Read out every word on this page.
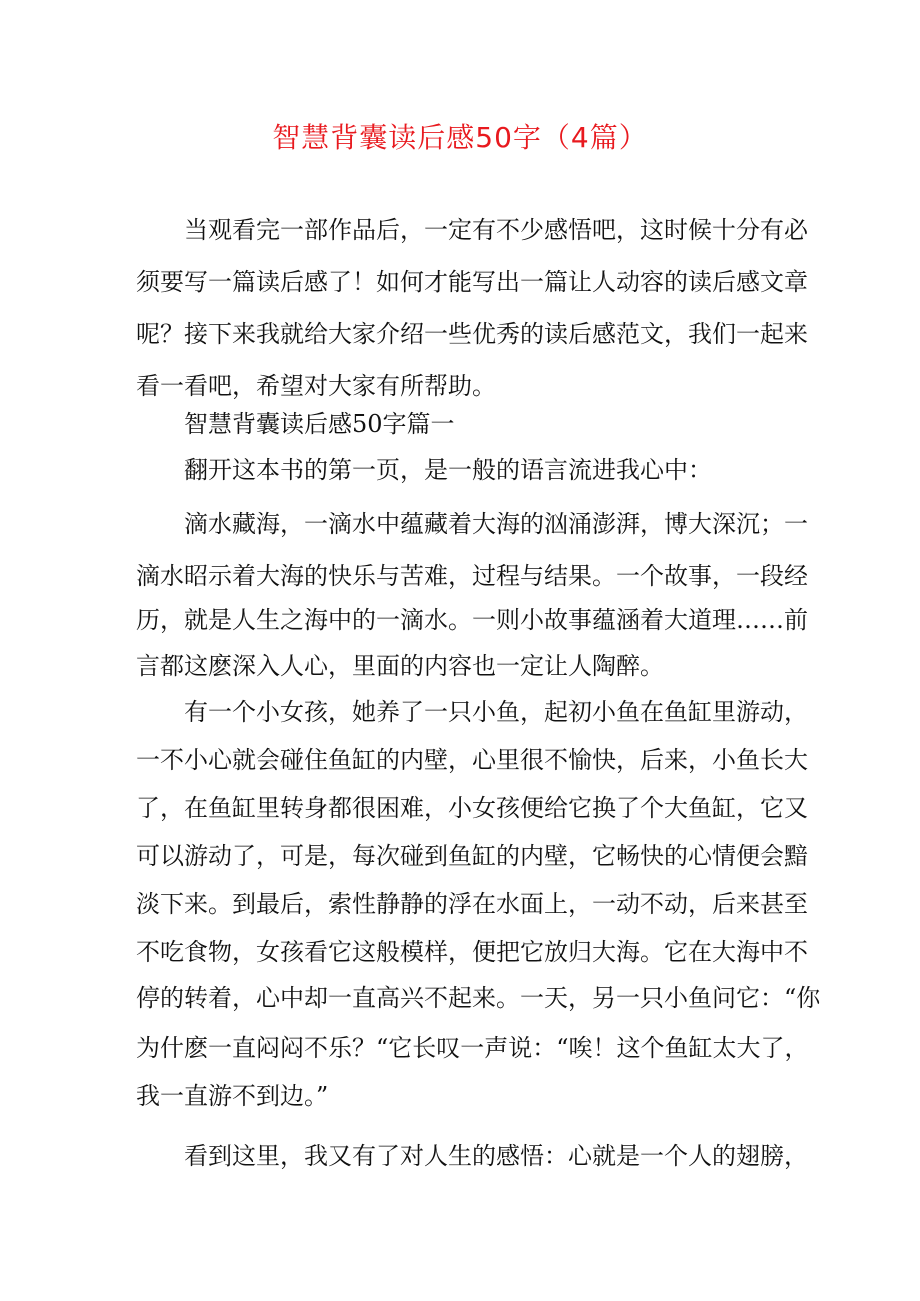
智慧背囊读后感50字（4篇）
当观看完一部作品后，一定有不少感悟吧，这时候十分有必
须要写一篇读后感了！如何才能写出一篇让人动容的读后感文章
呢？接下来我就给大家介绍一些优秀的读后感范文，我们一起来
看一看吧，希望对大家有所帮助。
智慧背囊读后感50字篇一
翻开这本书的第一页，是一般的语言流进我心中：
滴水藏海，一滴水中蕴藏着大海的汹涌澎湃，博大深沉；一
滴水昭示着大海的快乐与苦难，过程与结果。一个故事，一段经
历，就是人生之海中的一滴水。一则小故事蕴涵着大道理……前
言都这麽深入人心，里面的内容也一定让人陶醉。
有一个小女孩，她养了一只小鱼，起初小鱼在鱼缸里游动，
一不小心就会碰住鱼缸的内壁，心里很不愉快，后来，小鱼长大
了，在鱼缸里转身都很困难，小女孩便给它换了个大鱼缸，它又
可以游动了，可是，每次碰到鱼缸的内壁，它畅快的心情便会黯
淡下来。到最后，索性静静的浮在水面上，一动不动，后来甚至
不吃食物，女孩看它这般模样，便把它放归大海。它在大海中不
停的转着，心中却一直高兴不起来。一天，另一只小鱼问它：“你
为什麽一直闷闷不乐？“它长叹一声说：“唉！这个鱼缸太大了，
我一直游不到边。”
看到这里，我又有了对人生的感悟：心就是一个人的翅膀，
